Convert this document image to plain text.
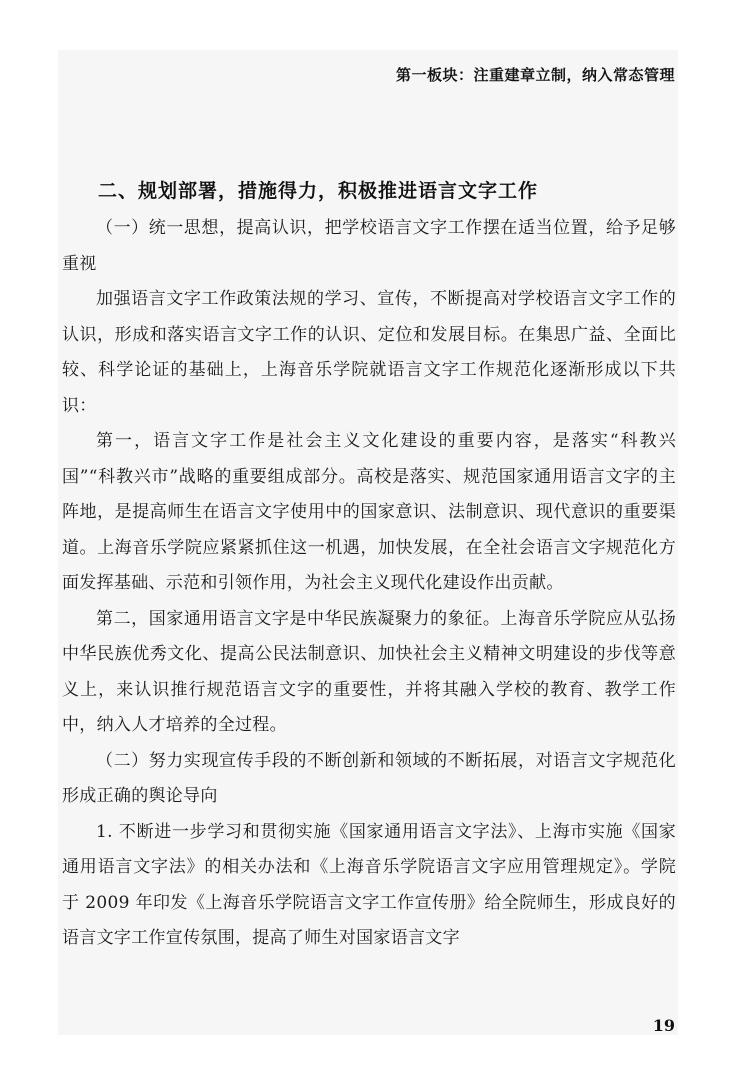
第一板块：注重建章立制，纳入常态管理
二、规划部署，措施得力，积极推进语言文字工作

（一）统一思想，提高认识，把学校语言文字工作摆在适当位置，给予足够重视

加强语言文字工作政策法规的学习、宣传，不断提高对学校语言文字工作的认识，形成和落实语言文字工作的认识、定位和发展目标。在集思广益、全面比较、科学论证的基础上，上海音乐学院就语言文字工作规范化逐渐形成以下共识：

第一，语言文字工作是社会主义文化建设的重要内容，是落实“科教兴国”“科教兴市”战略的重要组成部分。高校是落实、规范国家通用语言文字的主阵地，是提高师生在语言文字使用中的国家意识、法制意识、现代意识的重要渠道。上海音乐学院应紧紧抓住这一机遇，加快发展，在全社会语言文字规范化方面发挥基础、示范和引领作用，为社会主义现代化建设作出贡献。

第二，国家通用语言文字是中华民族凝聚力的象征。上海音乐学院应从弘扬中华民族优秀文化、提高公民法制意识、加快社会主义精神文明建设的步伐等意义上，来认识推行规范语言文字的重要性，并将其融入学校的教育、教学工作中，纳入人才培养的全过程。

（二）努力实现宣传手段的不断创新和领域的不断拓展，对语言文字规范化形成正确的舆论导向

1. 不断进一步学习和贯彻实施《国家通用语言文字法》、上海市实施《国家通用语言文字法》的相关办法和《上海音乐学院语言文字应用管理规定》。学院于 2009 年印发《上海音乐学院语言文字工作宣传册》给全院师生，形成良好的语言文字工作宣传氛围，提高了师生对国家语言文字

19
